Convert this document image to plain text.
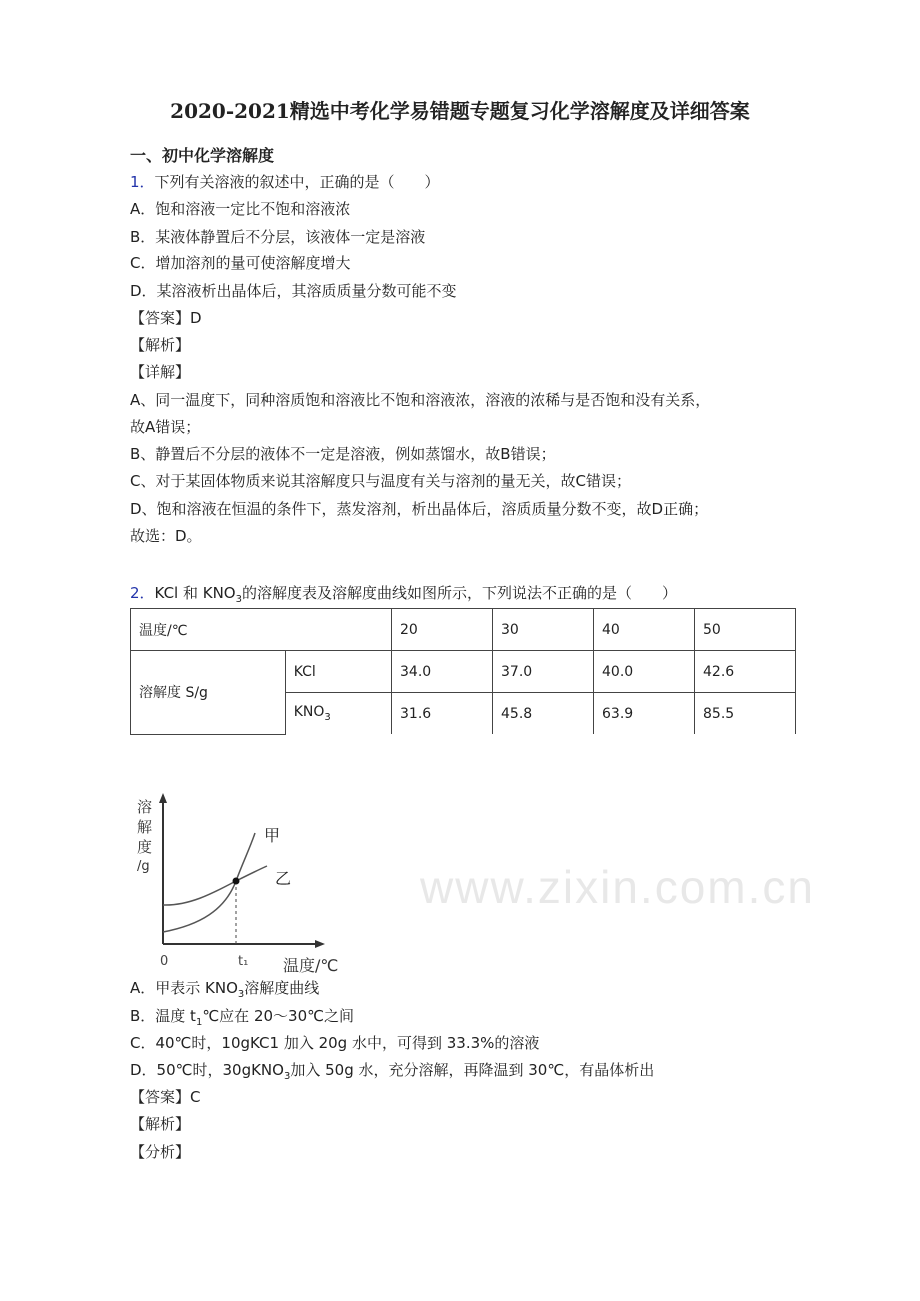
2020-2021精选中考化学易错题专题复习化学溶解度及详细答案
一、初中化学溶解度
1．下列有关溶液的叙述中，正确的是（　　）
A．饱和溶液一定比不饱和溶液浓
B．某液体静置后不分层，该液体一定是溶液
C．增加溶剂的量可使溶解度增大
D．某溶液析出晶体后，其溶质质量分数可能不变
【答案】D
【解析】
【详解】
A、同一温度下，同种溶质饱和溶液比不饱和溶液浓，溶液的浓稀与是否饱和没有关系，
故A错误；
B、静置后不分层的液体不一定是溶液，例如蒸馏水，故B错误；
C、对于某固体物质来说其溶解度只与温度有关与溶剂的量无关，故C错误；
D、饱和溶液在恒温的条件下，蒸发溶剂，析出晶体后，溶质质量分数不变，故D正确；
故选：D。
2．KCl 和 $KNO_3$的溶解度表及溶解度曲线如图所示，下列说法不正确的是（　　）
温度/℃		20	30	40	50
溶解度 S/g	KCl	34.0	37.0	40.0	42.6
	$KNO_3$	31.6	45.8	63.9	85.5
www.zixin.com.cn
溶
解
度
/g
甲
乙
0	t₁ 温度/℃
A．甲表示 $KNO_3$溶解度曲线
B．温度 $t_1℃$应在 20～30℃之间
C．40℃时，10gKC1 加入 20g 水中，可得到 33.3%的溶液
D．50℃时，30gKNO$_3$加入 50g 水，充分溶解，再降温到 30℃，有晶体析出
【答案】C
【解析】
【分析】
